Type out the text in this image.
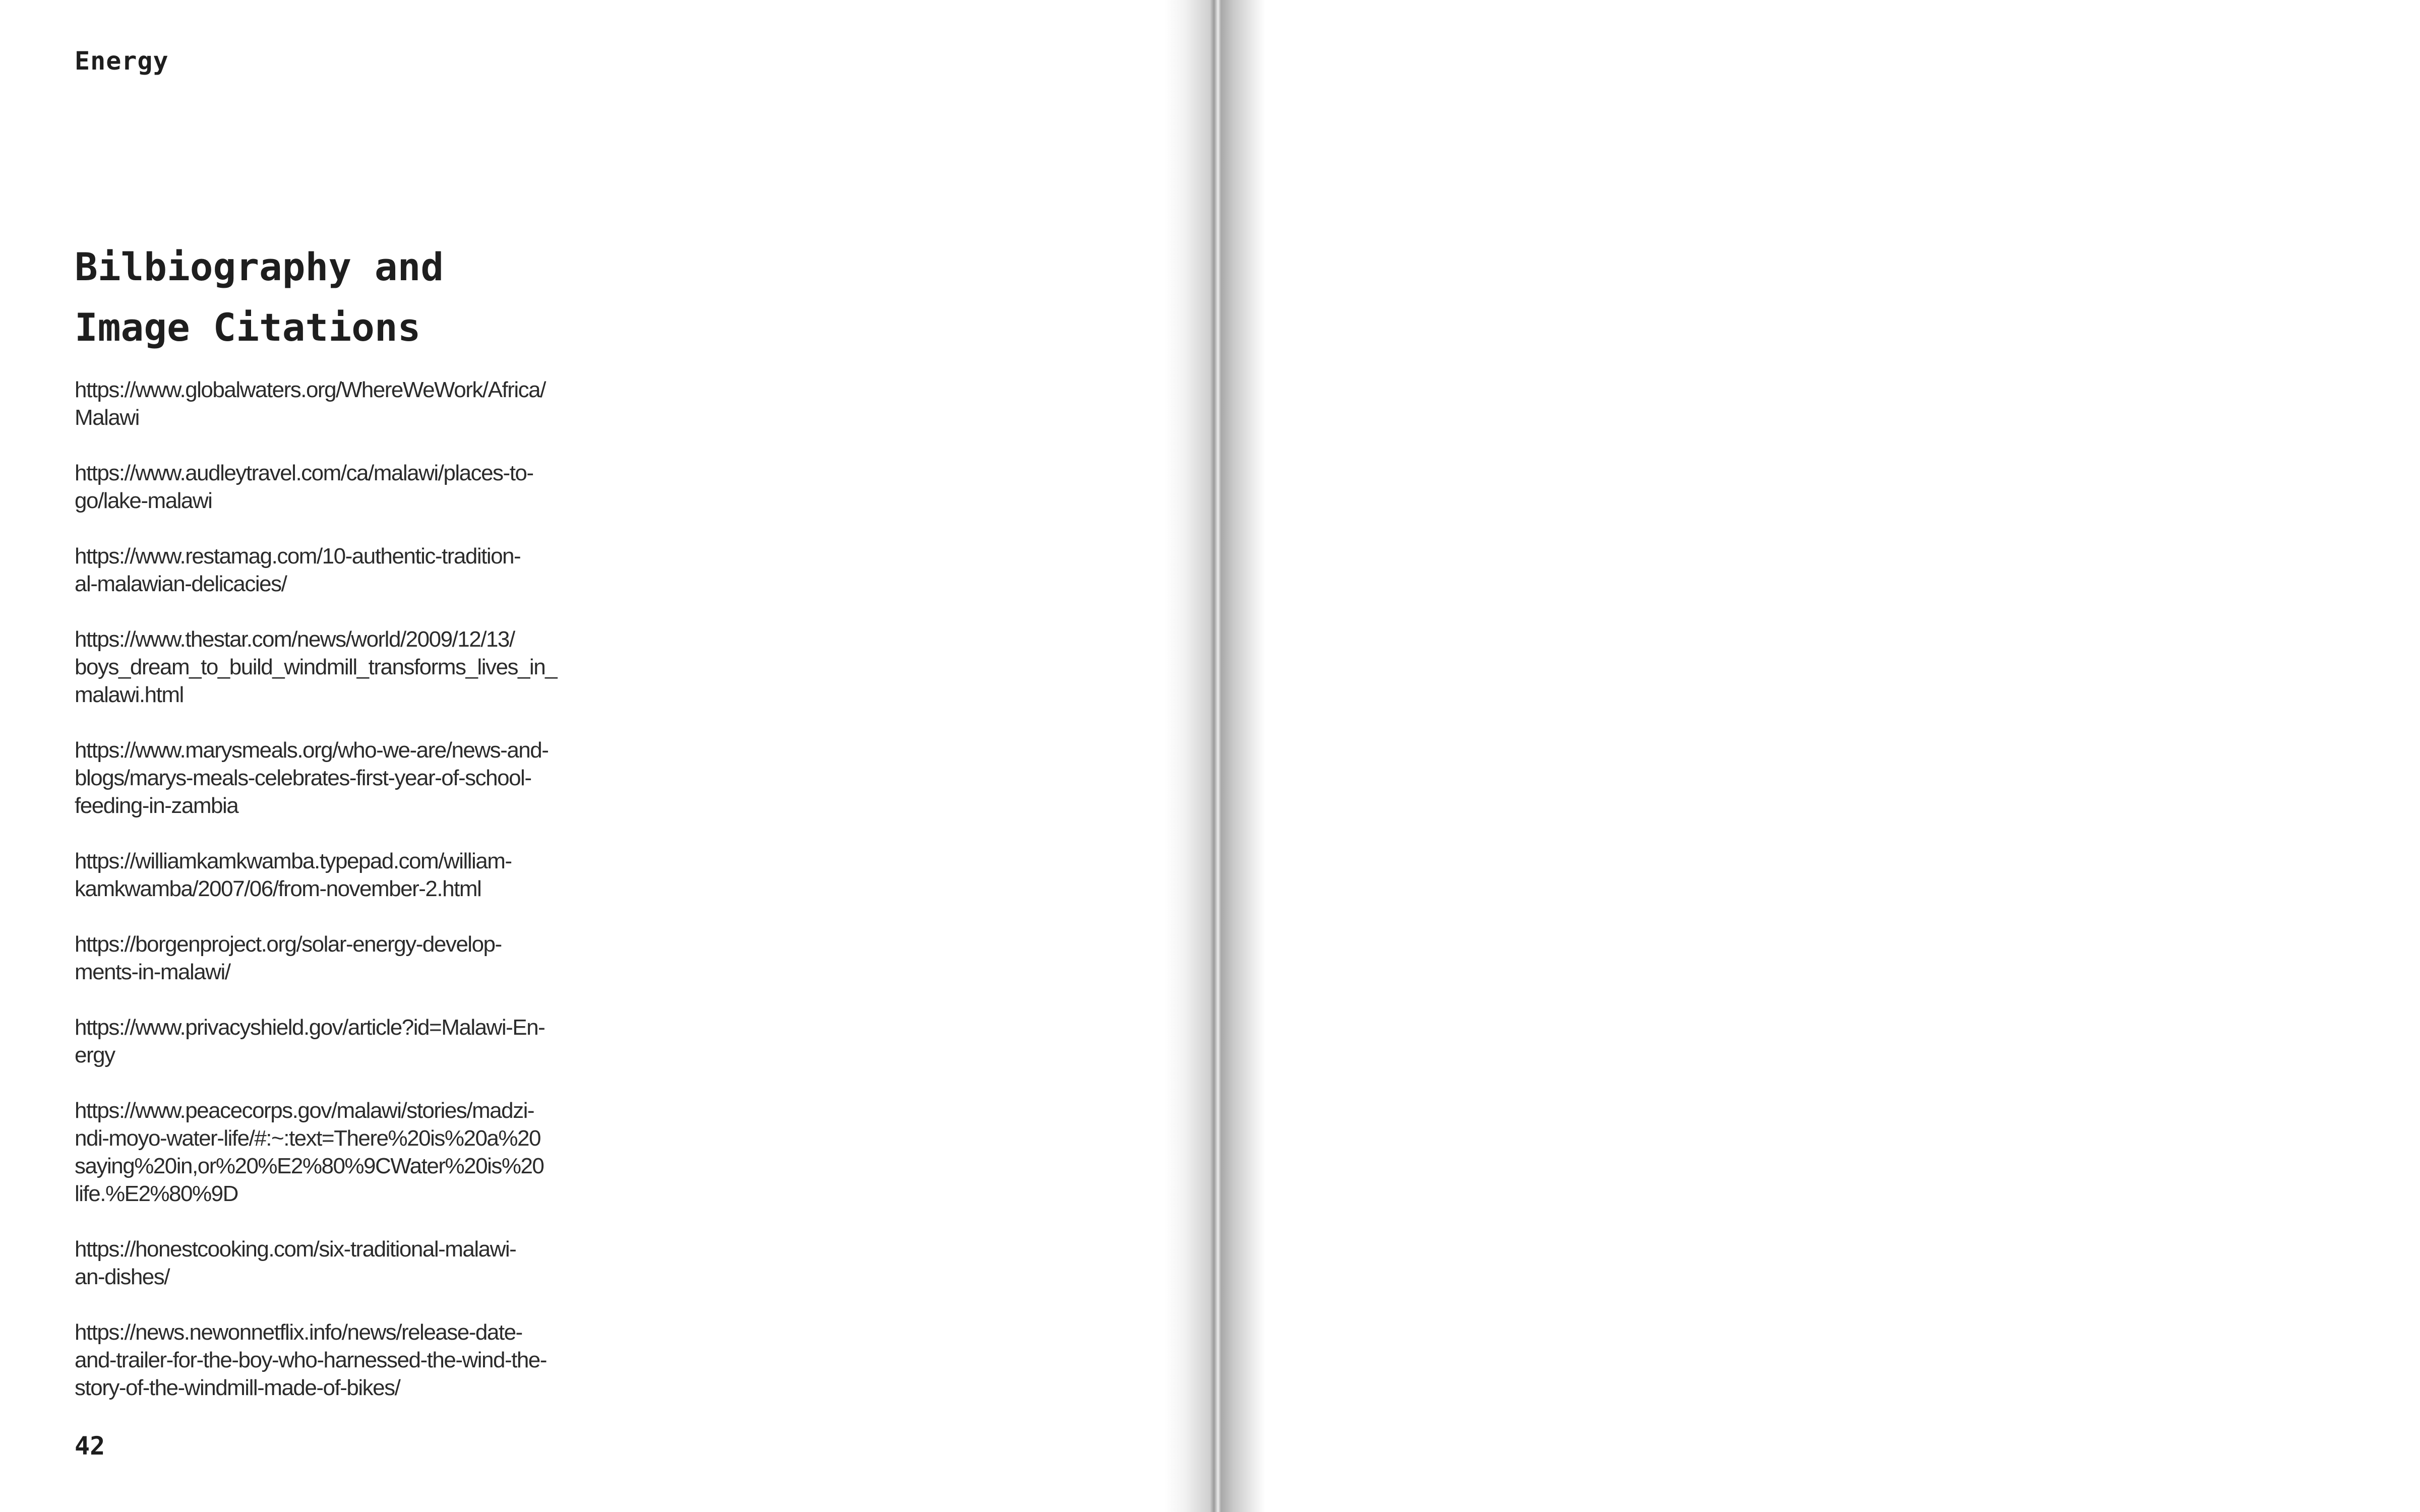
Energy
Bilbiography and
Image Citations
https://www.globalwaters.org/WhereWeWork/Africa/
Malawi
https://www.audleytravel.com/ca/malawi/places-to-
go/lake-malawi
https://www.restamag.com/10-authentic-tradition-
al-malawian-delicacies/
https://www.thestar.com/news/world/2009/12/13/
boys_dream_to_build_windmill_transforms_lives_in_
malawi.html
https://www.marysmeals.org/who-we-are/news-and-
blogs/marys-meals-celebrates-first-year-of-school-
feeding-in-zambia
https://williamkamkwamba.typepad.com/william-
kamkwamba/2007/06/from-november-2.html
https://borgenproject.org/solar-energy-develop-
ments-in-malawi/
https://www.privacyshield.gov/article?id=Malawi-En-
ergy
https://www.peacecorps.gov/malawi/stories/madzi-
ndi-moyo-water-life/#:~:text=There%20is%20a%20
saying%20in,or%20%E2%80%9CWater%20is%20
life.%E2%80%9D
https://honestcooking.com/six-traditional-malawi-
an-dishes/
https://news.newonnetflix.info/news/release-date-
and-trailer-for-the-boy-who-harnessed-the-wind-the-
story-of-the-windmill-made-of-bikes/
42
